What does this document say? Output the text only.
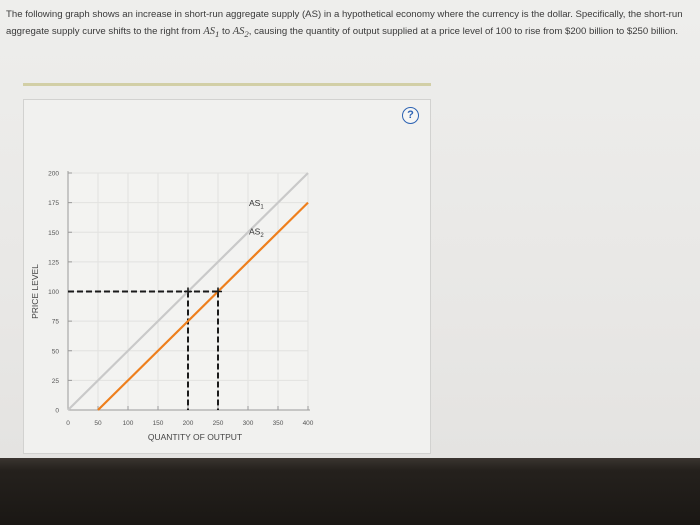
The following graph shows an increase in short-run aggregate supply (AS) in a hypothetical economy where the currency is the dollar. Specifically, the short-run aggregate supply curve shifts to the right from $AS_1$ to $AS_2$, causing the quantity of output supplied at a price level of 100 to rise from $200 billion to $250 billion.
?
0
25
50
75
100
125
150
175
200
0	50	100	150	200	250	300	350	400
QUANTITY OF OUTPUT
PRICE LEVEL
$AS_1$
$AS_2$
